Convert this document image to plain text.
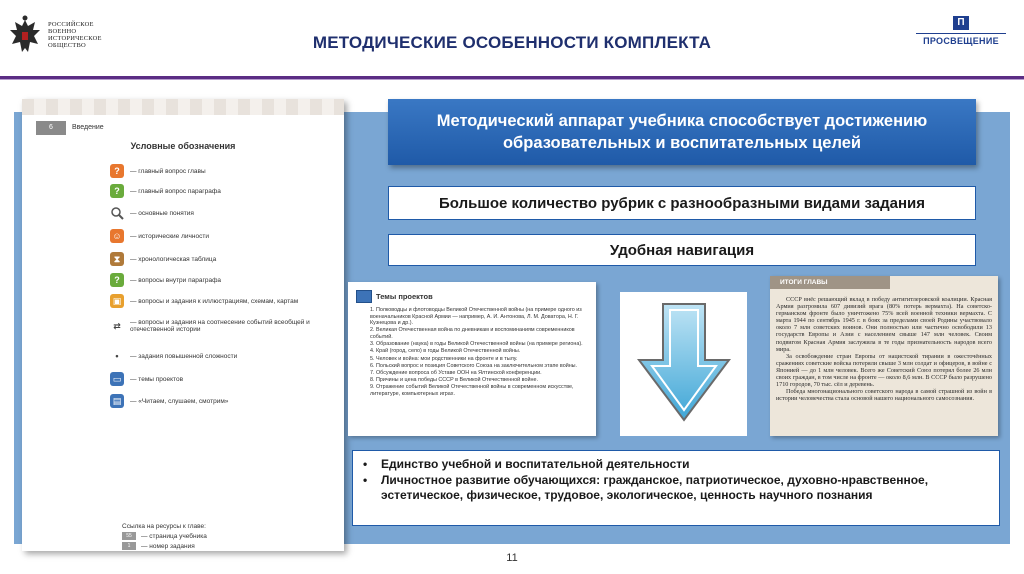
РОССИЙСКОЕ
ВОЕННО
ИСТОРИЧЕСКОЕ
ОБЩЕСТВО	МЕТОДИЧЕСКИЕ ОСОБЕННОСТИ КОМПЛЕКТА
П
ПРОСВЕЩЕНИЕ
6	Введение
Условные обозначения
?	— главный вопрос главы
?	— главный вопрос параграфа
— основные понятия
☺	— исторические личности
⧗	— хронологическая таблица
?	— вопросы внутри параграфа
▣	— вопросы и задания к иллюстрациям, схемам, картам
⇄	— вопросы и задания на соотнесение событий всеобщей и отечественной истории
•	— задания повышенной сложности
▭	— темы проектов
▤	— «Читаем, слушаем, смотрим»
Ссылка на ресурсы к главе:
55	— страница учебника
1	— номер задания
Методический аппарат учебника способствует достижению образовательных и воспитательных целей
Большое количество рубрик с разнообразными видами задания
Удобная навигация
Темы проектов
1. Полководцы и флотоводцы Великой Отечественной войны (на примере одного из военачальников Красной Армии — например, А. И. Антонова, Л. М. Доватора, Н. Г. Кузнецова и др.).
2. Великая Отечественная война по дневникам и воспоминаниям современников событий.
3. Образование (наука) в годы Великой Отечественной войны (на примере региона).
4. Край (город, село) в годы Великой Отечественной войны.
5. Человек и война: мои родственники на фронте и в тылу.
6. Польский вопрос и позиция Советского Союза на заключительном этапе войны.
7. Обсуждение вопроса об Уставе ООН на Ялтинской конференции.
8. Причины и цена победы СССР в Великой Отечественной войне.
9. Отражение событий Великой Отечественной войны в современном искусстве, литературе, компьютерных играх.
ИТОГИ ГЛАВЫ

СССР внёс решающий вклад в победу антигитлеровской коалиции. Красная Армия разгромила 607 дивизий врага (80% потерь вермахта). На советско-германском фронте было уничтожено 75% всей военной техники вермахта. С марта 1944 по сентябрь 1945 г. в боях за пределами своей Родины участвовало около 7 млн советских воинов. Они полностью или частично освободили 13 государств Европы и Азии с населением свыше 147 млн человек. Своим подвигом Красная Армия заслужила в те годы признательность народов всего мира.

За освобождение стран Европы от нацистской тирании в ожесточённых сражениях советские войска потеряли свыше 3 млн солдат и офицеров, в войне с Японией — до 1 млн человек. Всего же Советский Союз потерял более 26 млн своих граждан, в том числе на фронте — около 8,6 млн. В СССР было разрушено 1710 городов, 70 тыс. сёл и деревень.

Победа многонационального советского народа в самой страшной из войн в истории человечества стала основой нашего национального самосознания.

•	Единство учебной и воспитательной деятельности
•	Личностное развитие обучающихся: гражданское, патриотическое, духовно-нравственное, эстетическое, физическое, трудовое, экологическое, ценность научного познания
11
